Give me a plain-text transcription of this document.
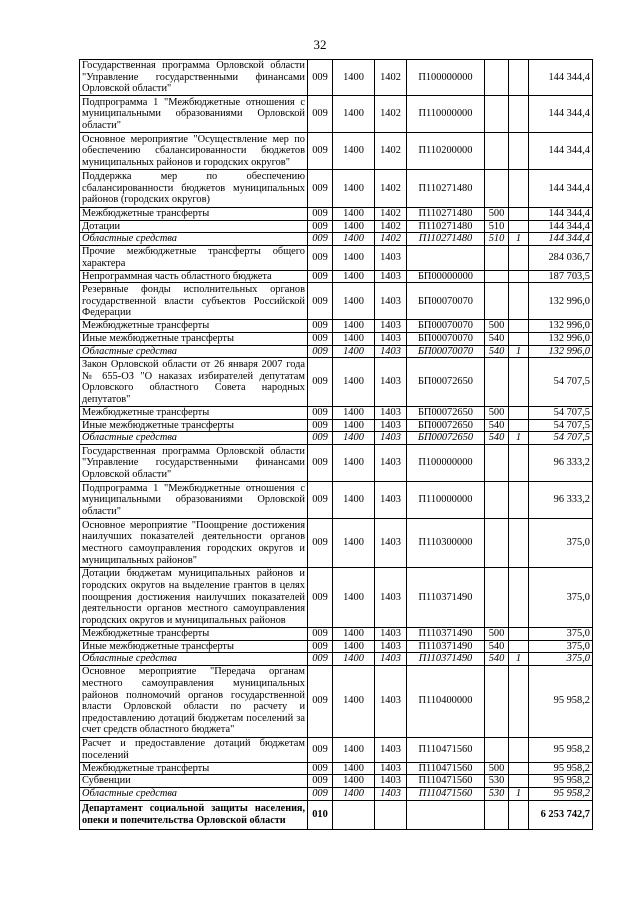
32
Государственная программа Орловской области "Управление государственными финансами Орловской области"	009	1400	1402	П100000000			144 344,4
Подпрограмма 1 "Межбюджетные отношения с муниципальными образованиями Орловской области"	009	1400	1402	П110000000			144 344,4
Основное мероприятие "Осуществление мер по обеспечению сбалансированности бюджетов муниципальных районов и городских округов"	009	1400	1402	П110200000			144 344,4
Поддержка мер по обеспечению сбалансированности бюджетов муниципальных районов (городских округов)	009	1400	1402	П110271480			144 344,4
Межбюджетные трансферты	009	1400	1402	П110271480	500		144 344,4
Дотации	009	1400	1402	П110271480	510		144 344,4
Областные средства	009	1400	1402	П110271480	510	1	144 344,4
Прочие межбюджетные трансферты общего характера	009	1400	1403				284 036,7
Непрограммная часть областного бюджета	009	1400	1403	БП00000000			187 703,5
Резервные фонды исполнительных органов государственной власти субъектов Российской Федерации	009	1400	1403	БП00070070			132 996,0
Межбюджетные трансферты	009	1400	1403	БП00070070	500		132 996,0
Иные межбюджетные трансферты	009	1400	1403	БП00070070	540		132 996,0
Областные средства	009	1400	1403	БП00070070	540	1	132 996,0
Закон Орловской области от 26 января 2007 года № 655-ОЗ "О наказах избирателей депутатам Орловского областного Совета народных депутатов"	009	1400	1403	БП00072650			54 707,5
Межбюджетные трансферты	009	1400	1403	БП00072650	500		54 707,5
Иные межбюджетные трансферты	009	1400	1403	БП00072650	540		54 707,5
Областные средства	009	1400	1403	БП00072650	540	1	54 707,5
Государственная программа Орловской области "Управление государственными финансами Орловской области"	009	1400	1403	П100000000			96 333,2
Подпрограмма 1 "Межбюджетные отношения с муниципальными образованиями Орловской области"	009	1400	1403	П110000000			96 333,2
Основное мероприятие "Поощрение достижения наилучших показателей деятельности органов местного самоуправления городских округов и муниципальных районов"	009	1400	1403	П110300000			375,0
Дотации бюджетам муниципальных районов и городских округов на выделение грантов в целях поощрения достижения наилучших показателей деятельности органов местного самоуправления городских округов и муниципальных районов	009	1400	1403	П110371490			375,0
Межбюджетные трансферты	009	1400	1403	П110371490	500		375,0
Иные межбюджетные трансферты	009	1400	1403	П110371490	540		375,0
Областные средства	009	1400	1403	П110371490	540	1	375,0
Основное мероприятие "Передача органам местного самоуправления муниципальных районов полномочий органов государственной власти Орловской области по расчету и предоставлению дотаций бюджетам поселений за счет средств областного бюджета"	009	1400	1403	П110400000			95 958,2
Расчет и предоставление дотаций бюджетам поселений	009	1400	1403	П110471560			95 958,2
Межбюджетные трансферты	009	1400	1403	П110471560	500		95 958,2
Субвенции	009	1400	1403	П110471560	530		95 958,2
Областные средства	009	1400	1403	П110471560	530	1	95 958,2
Департамент социальной защиты населения, опеки и попечительства Орловской области	010						6 253 742,7
